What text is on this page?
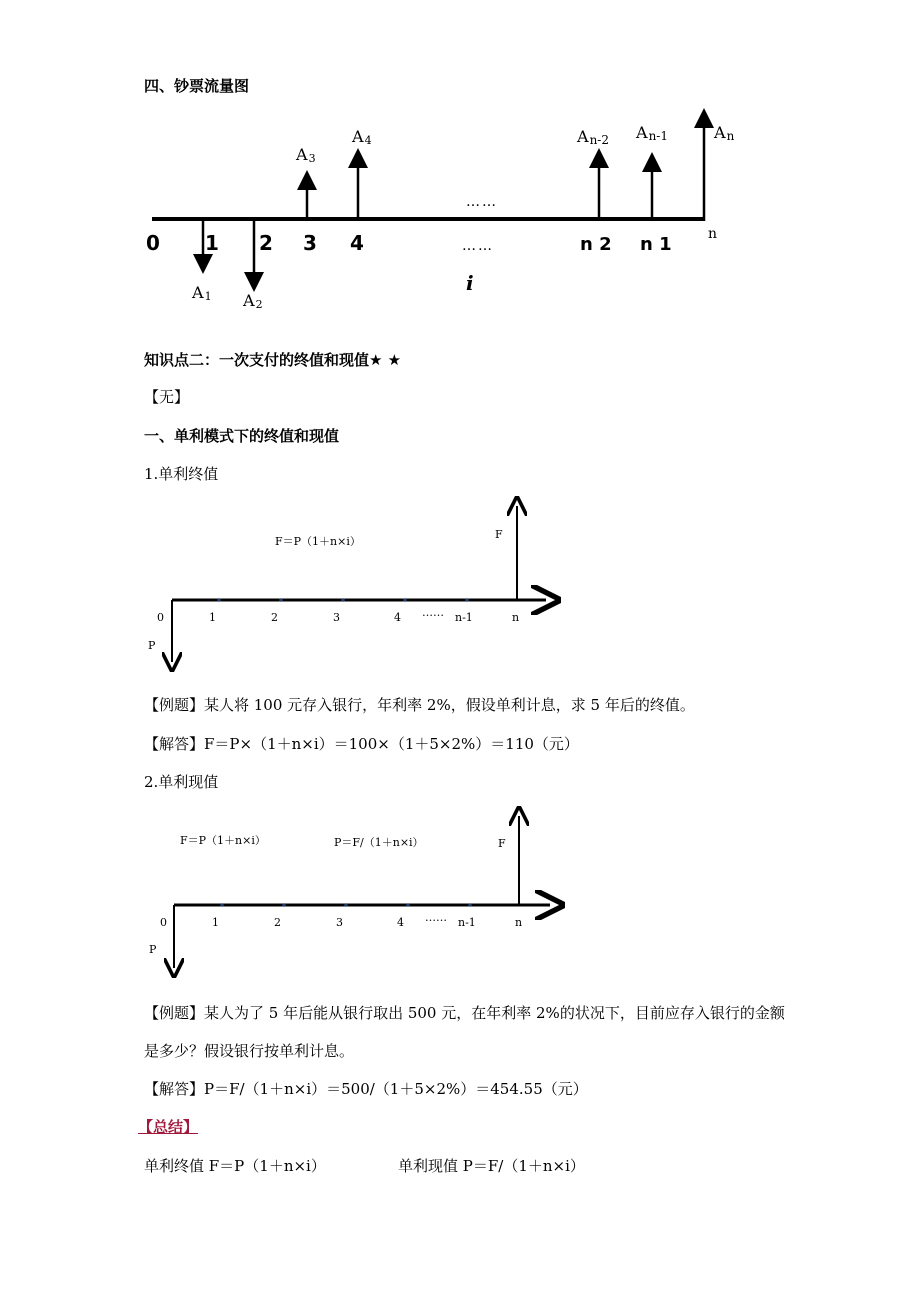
四、钞票流量图
0 1 2 3 4	n 2 n 1	n
……
……
i
A1 A2
A3
A4	An-2 An-1	An
知识点二：一次支付的终值和现值★ ★
【无】
一、单利模式下的终值和现值
1.单利终值
F＝P（1＋n×i）
F
P
0	1	2	3	4 …… n-1	n
【例题】某人将 100 元存入银行，年利率 2%，假设单利计息，求 5 年后的终值。
【解答】F＝P×（1＋n×i）＝100×（1＋5×2%）＝110（元）
2.单利现值
F＝P（1＋n×i）	P＝F/（1＋n×i）	F
P
0	1	2	3	4 …… n-1	n
【例题】某人为了 5 年后能从银行取出 500 元，在年利率 2%的状况下，目前应存入银行的金额
是多少？假设银行按单利计息。
【解答】P＝F/（1＋n×i）＝500/（1＋5×2%）＝454.55（元）
【总结】
单利终值 F＝P（1＋n×i）	单利现值 P＝F/（1＋n×i）
